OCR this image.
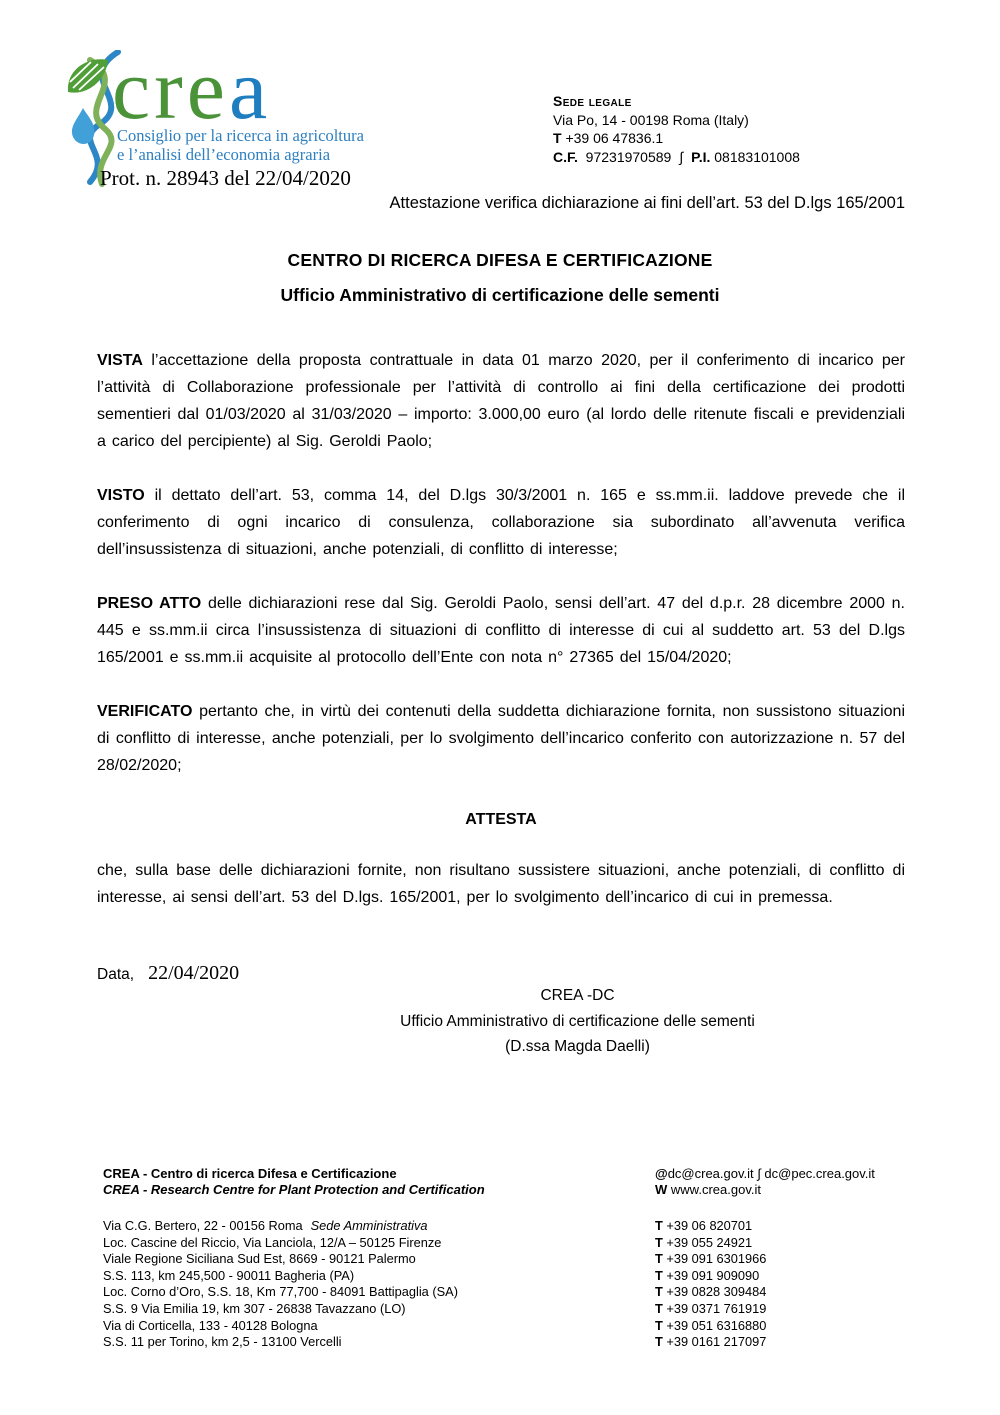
crea
Consiglio per la ricerca in agricoltura
e l’analisi dell’economia agraria
Sede legale
Via Po, 14 - 00198 Roma (Italy)
T +39 06 47836.1
C.F. 97231970589 ∫ P.I. 08183101008
Prot. n. 28943 del 22/04/2020
Attestazione verifica dichiarazione ai fini dell’art. 53 del D.lgs 165/2001
CENTRO DI RICERCA DIFESA E CERTIFICAZIONE
Ufficio Amministrativo di certificazione delle sementi

VISTA l’accettazione della proposta contrattuale in data 01 marzo 2020, per il conferimento di incarico per l’attività di Collaborazione professionale per l’attività di controllo ai fini della certificazione dei prodotti sementieri dal 01/03/2020 al 31/03/2020 – importo: 3.000,00 euro (al lordo delle ritenute fiscali e previdenziali a carico del percipiente) al Sig. Geroldi Paolo;

VISTO il dettato dell’art. 53, comma 14, del D.lgs 30/3/2001 n. 165 e ss.mm.ii. laddove prevede che il conferimento di ogni incarico di consulenza, collaborazione sia subordinato all’avvenuta verifica dell’insussistenza di situazioni, anche potenziali, di conflitto di interesse;

PRESO ATTO delle dichiarazioni rese dal Sig. Geroldi Paolo, sensi dell’art. 47 del d.p.r. 28 dicembre 2000 n. 445 e ss.mm.ii circa l’insussistenza di situazioni di conflitto di interesse di cui al suddetto art. 53 del D.lgs 165/2001 e ss.mm.ii acquisite al protocollo dell’Ente con nota n° 27365 del 15/04/2020;

VERIFICATO pertanto che, in virtù dei contenuti della suddetta dichiarazione fornita, non sussistono situazioni di conflitto di interesse, anche potenziali, per lo svolgimento dell’incarico conferito con autorizzazione n. 57 del 28/02/2020;

ATTESTA

che, sulla base delle dichiarazioni fornite, non risultano sussistere situazioni, anche potenziali, di conflitto di interesse, ai sensi dell’art. 53 del D.lgs. 165/2001, per lo svolgimento dell’incarico di cui in premessa.

Data, 22/04/2020
CREA -DC
Ufficio Amministrativo di certificazione delle sementi
(D.ssa Magda Daelli)
CREA - Centro di ricerca Difesa e Certificazione
CREA - Research Centre for Plant Protection and Certification
Via C.G. Bertero, 22 - 00156 Roma Sede Amministrativa
Loc. Cascine del Riccio, Via Lanciola, 12/A – 50125 Firenze
Viale Regione Siciliana Sud Est, 8669 - 90121 Palermo
S.S. 113, km 245,500 - 90011 Bagheria (PA)
Loc. Corno d’Oro, S.S. 18, Km 77,700 - 84091 Battipaglia (SA)
S.S. 9 Via Emilia 19, km 307 - 26838 Tavazzano (LO)
Via di Corticella, 133 - 40128 Bologna
S.S. 11 per Torino, km 2,5 - 13100 Vercelli
@dc@crea.gov.it ∫ dc@pec.crea.gov.it
W www.crea.gov.it
T +39 06 820701
T +39 055 24921
T +39 091 6301966
T +39 091 909090
T +39 0828 309484
T +39 0371 761919
T +39 051 6316880
T +39 0161 217097
